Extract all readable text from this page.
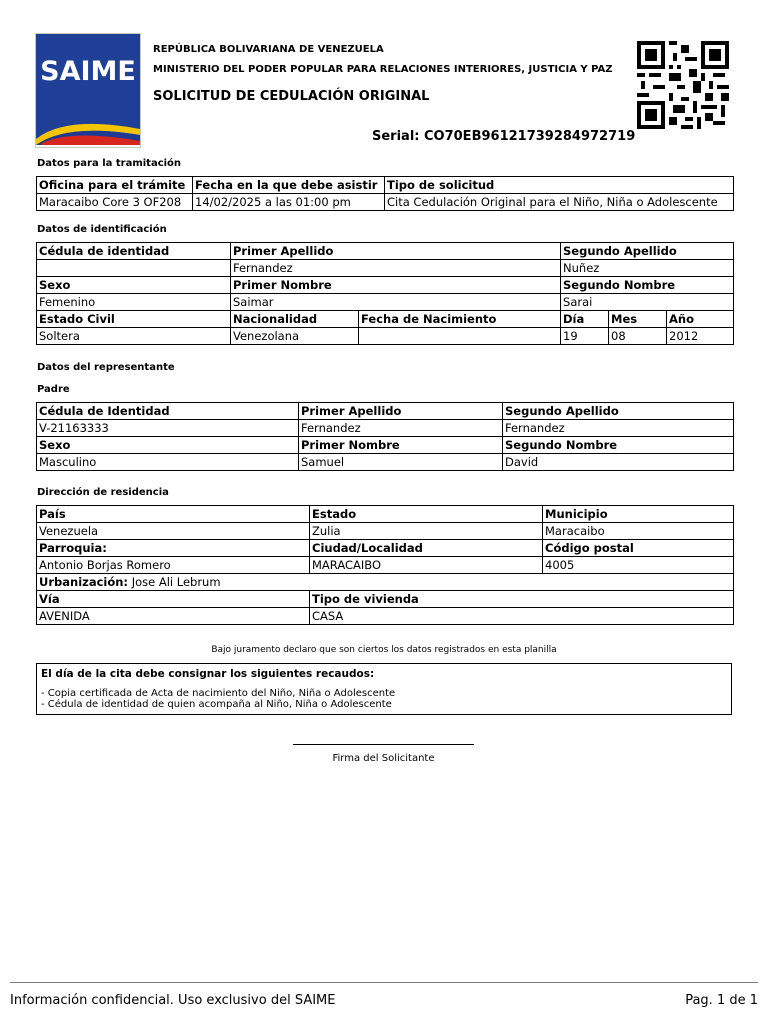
SAIME
REPÚBLICA BOLIVARIANA DE VENEZUELA
MINISTERIO DEL PODER POPULAR PARA RELACIONES INTERIORES, JUSTICIA Y PAZ
SOLICITUD DE CEDULACIÓN ORIGINAL
Serial: CO70EB96121739284972719
Datos para la tramitación
Oficina para el trámite	Fecha en la que debe asistir	Tipo de solicitud
Maracaibo Core 3 OF208	14/02/2025 a las 01:00 pm	Cita Cedulación Original para el Niño, Niña o Adolescente
Datos de identificación
Cédula de identidad	Primer Apellido		Segundo Apellido		
	Fernandez		Nuñez		
Sexo	Primer Nombre		Segundo Nombre		
Femenino	Saimar		Sarai		
Estado Civil	Nacionalidad	Fecha de Nacimiento	Día	Mes	Año
Soltera	Venezolana		19	08	2012
Datos del representante
Padre
Cédula de Identidad	Primer Apellido	Segundo Apellido
V-21163333	Fernandez	Fernandez
Sexo	Primer Nombre	Segundo Nombre
Masculino	Samuel	David
Dirección de residencia
País	Estado	Municipio
Venezuela	Zulia	Maracaibo
Parroquia:	Ciudad/Localidad	Código postal
Antonio Borjas Romero	MARACAIBO	4005
Urbanización: Jose Ali Lebrum		
Vía	Tipo de vivienda	
AVENIDA	CASA	
Bajo juramento declaro que son ciertos los datos registrados en esta planilla
El día de la cita debe consignar los siguientes recaudos:
- Copia certificada de Acta de nacimiento del Niño, Niña o Adolescente
- Cédula de identidad de quien acompaña al Niño, Niña o Adolescente
Firma del Solicitante
Información confidencial. Uso exclusivo del SAIME	Pag. 1 de 1
